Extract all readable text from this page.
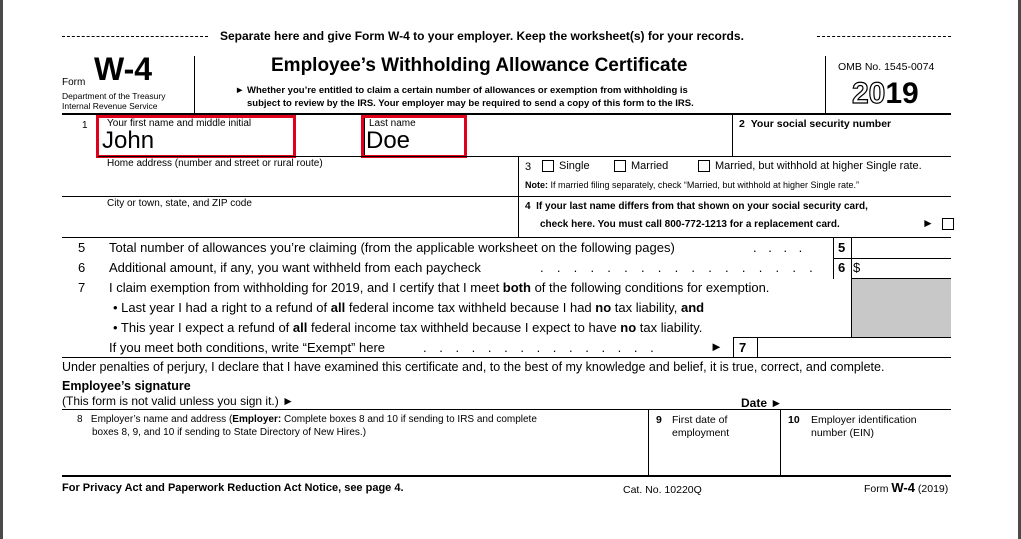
Separate here and give Form W-4 to your employer. Keep the worksheet(s) for your records.
Form W-4
Department of the Treasury
Internal Revenue Service
Employee’s Withholding Allowance Certificate
► Whether you’re entitled to claim a certain number of allowances or exemption from withholding is
subject to review by the IRS. Your employer may be required to send a copy of this form to the IRS.
OMB No. 1545-0074
2019
1 Your first name and middle initial
John
Last name
Doe
2 Your social security number
Home address (number and street or rural route)	3	Single	Married	Married, but withhold at higher Single rate.
Note: If married filing separately, check “Married, but withhold at higher Single rate.”
City or town, state, and ZIP code	4 If your last name differs from that shown on your social security card,
check here. You must call 800-772-1213 for a replacement card.	►
5 Total number of allowances you’re claiming (from the applicable worksheet on the following pages)	. . . . 5
6 Additional amount, if any, you want withheld from each paycheck	. . . . . . . . . . . . . . . . . 6 $
7 I claim exemption from withholding for 2019, and I certify that I meet both of the following conditions for exemption.
• Last year I had a right to a refund of all federal income tax withheld because I had no tax liability, and
• This year I expect a refund of all federal income tax withheld because I expect to have no tax liability.
If you meet both conditions, write “Exempt” here	. . . . . . . . . . . . . . .	► 7
Under penalties of perjury, I declare that I have examined this certificate and, to the best of my knowledge and belief, it is true, correct, and complete.
Employee’s signature
(This form is not valid unless you sign it.) ►	Date ►
8 Employer’s name and address (Employer: Complete boxes 8 and 10 if sending to IRS and complete
boxes 8, 9, and 10 if sending to State Directory of New Hires.)
9 First date of
employment
10 Employer identification
number (EIN)
For Privacy Act and Paperwork Reduction Act Notice, see page 4.	Cat. No. 10220Q	Form W-4 (2019)
